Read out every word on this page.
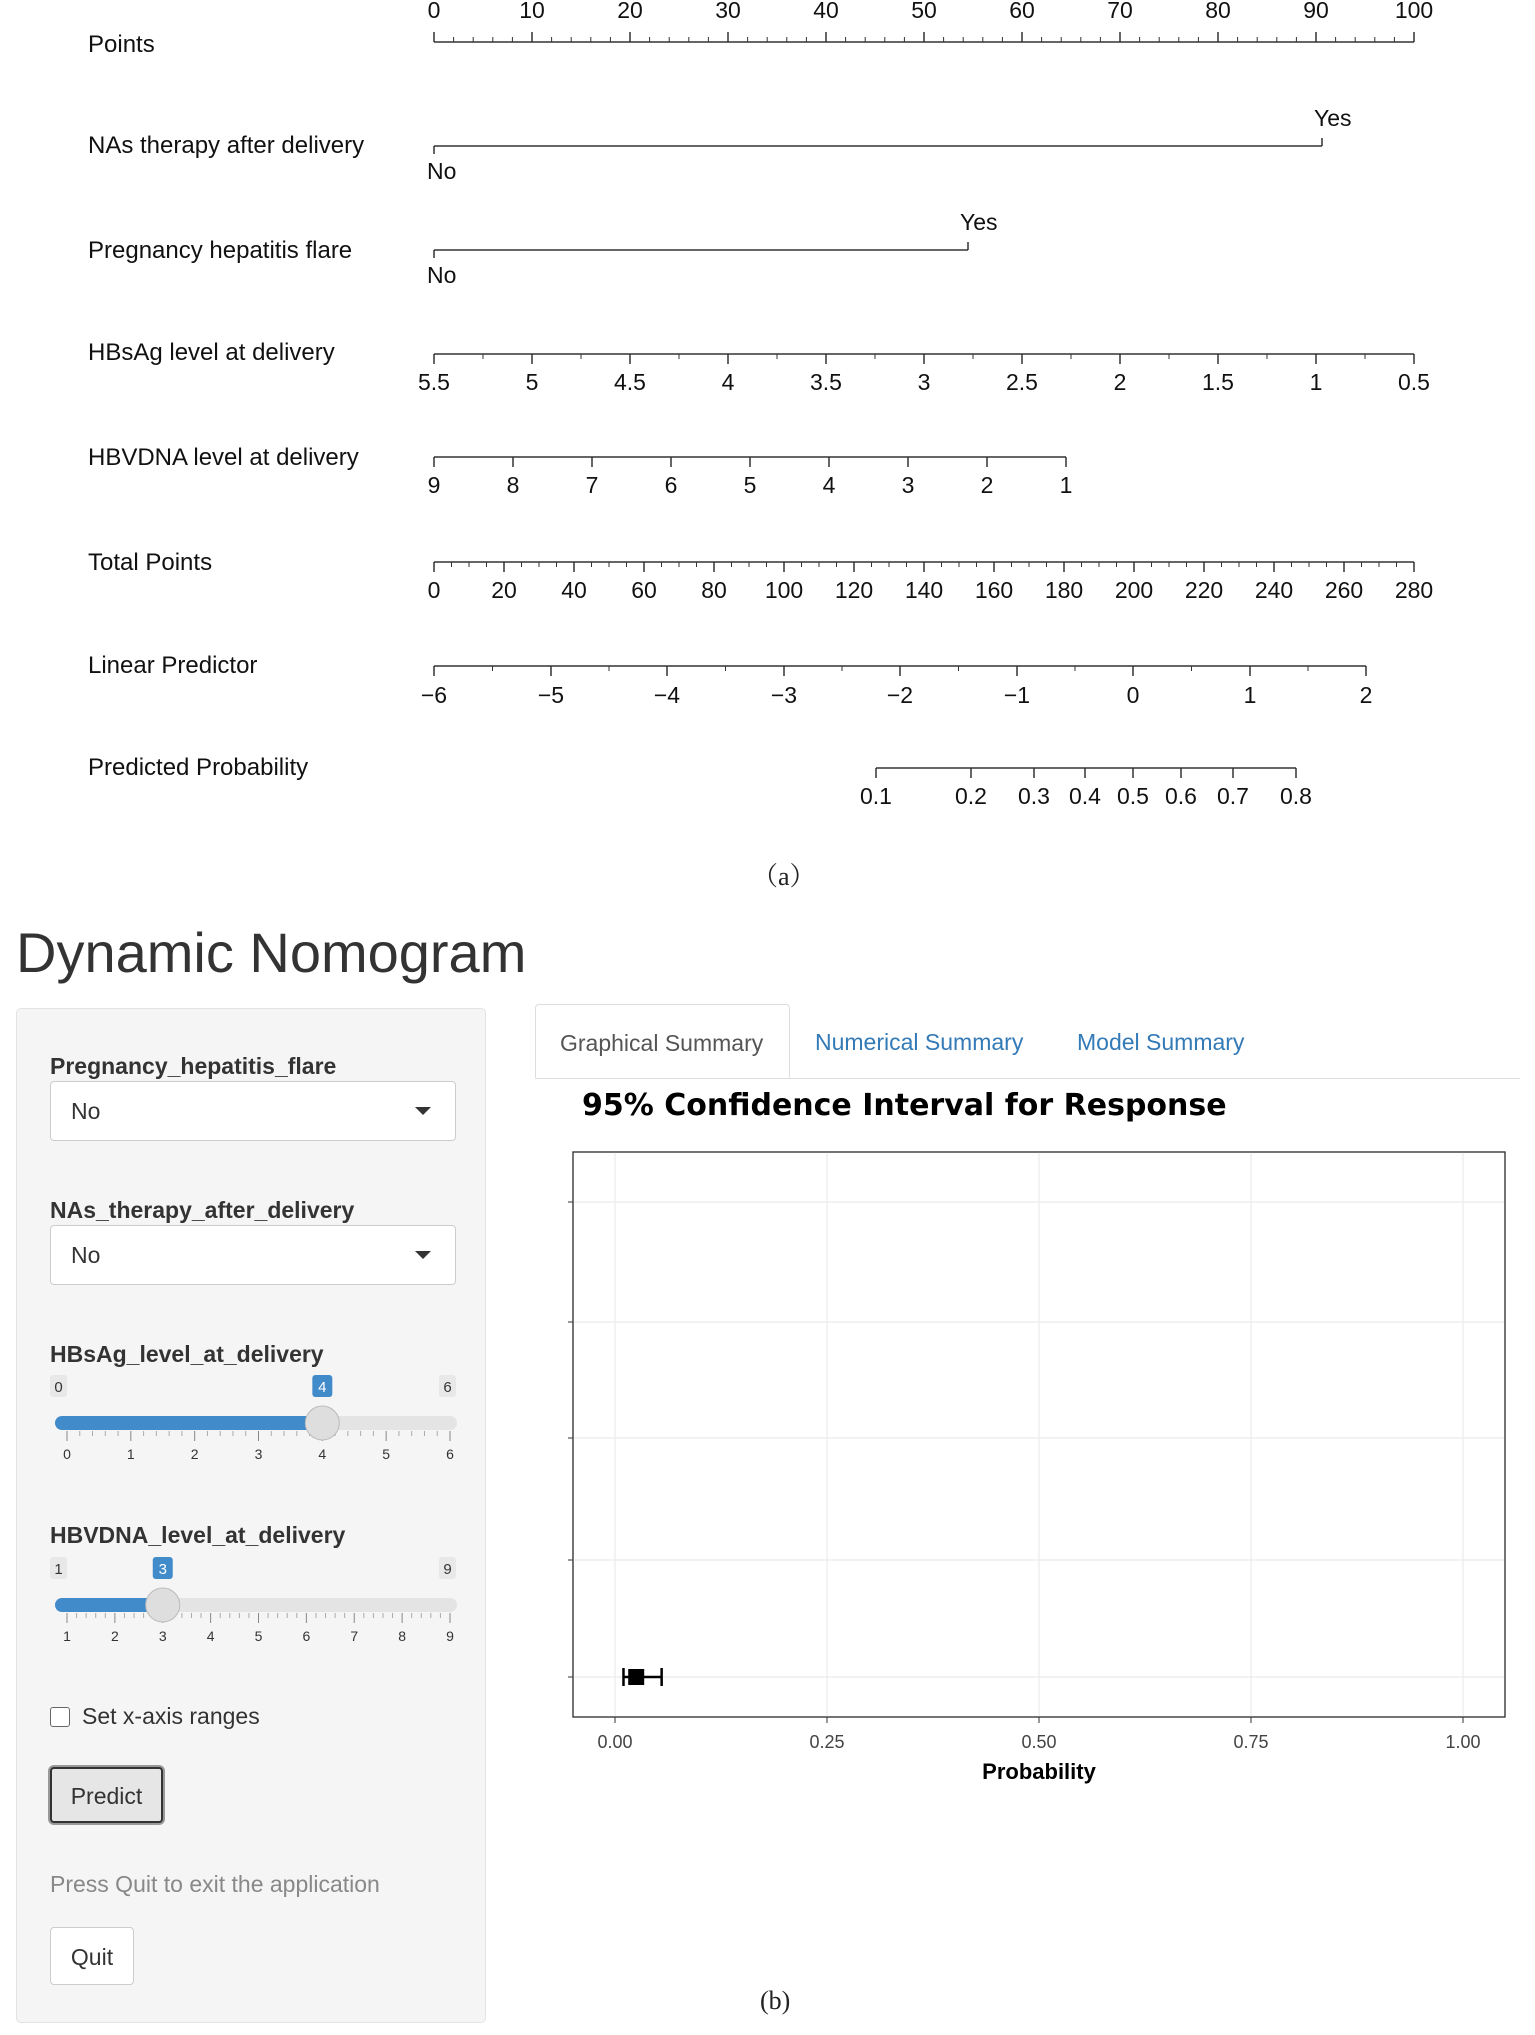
Points
0	10	20	30	40	50	60	70	80	90	100
NAs therapy after delivery
No
Yes
Pregnancy hepatitis flare
No
Yes
HBsAg level at delivery
5.5	5	4.5	4	3.5	3	2.5	2	1.5	1	0.5
HBVDNA level at delivery
9	8	7	6	5	4	3	2	1
Total Points
0 20 40 60 80 100 120 140 160 180 200 220 240 260 280
Linear Predictor
−6	−5	−4	−3	−2	−1	0	1	2
Predicted Probability
0.1	0.2 0.3 0.4 0.5 0.6 0.7 0.8
（a）
Dynamic Nomogram
Pregnancy_hepatitis_flare
No
NAs_therapy_after_delivery
No
HBsAg_level_at_delivery
0	6
4
0	1	2	3	4	5	6
HBVDNA_level_at_delivery
1	9
3
1	2	3	4	5	6	7	8	9
Set x-axis ranges
Predict
Press Quit to exit the application
Quit
Graphical Summary	Numerical Summary	Model Summary
95% Confidence Interval for Response
0.00	0.25	0.50	0.75	1.00
Probability
(b)
